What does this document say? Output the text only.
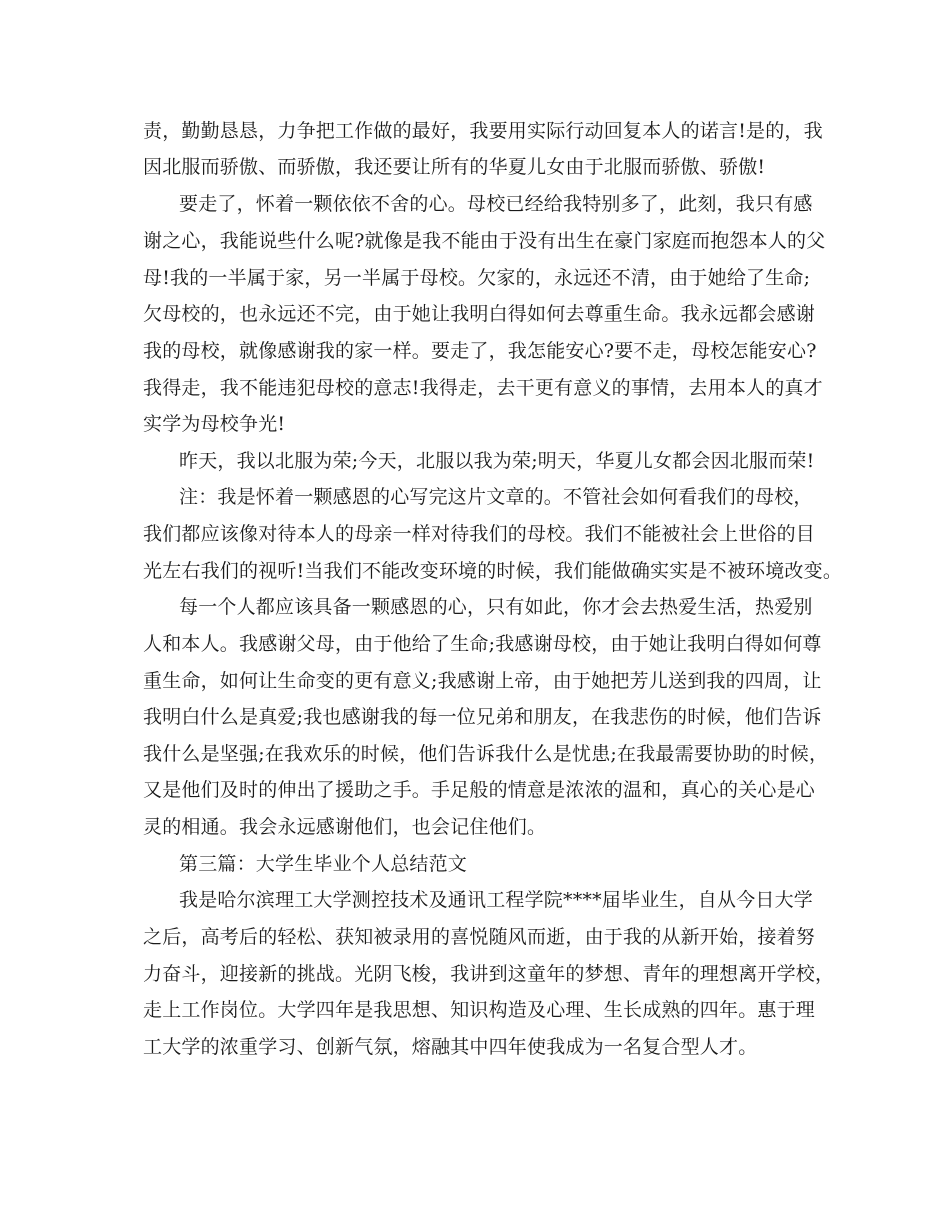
责，勤勤恳恳，力争把工作做的最好，我要用实际行动回复本人的诺言!是的，我
因北服而骄傲、而骄傲，我还要让所有的华夏儿女由于北服而骄傲、骄傲!
要走了，怀着一颗依依不舍的心。母校已经给我特别多了，此刻，我只有感
谢之心，我能说些什么呢?就像是我不能由于没有出生在豪门家庭而抱怨本人的父
母!我的一半属于家，另一半属于母校。欠家的，永远还不清，由于她给了生命;
欠母校的，也永远还不完，由于她让我明白得如何去尊重生命。我永远都会感谢
我的母校，就像感谢我的家一样。要走了，我怎能安心?要不走，母校怎能安心?
我得走，我不能违犯母校的意志!我得走，去干更有意义的事情，去用本人的真才
实学为母校争光!
昨天，我以北服为荣;今天，北服以我为荣;明天，华夏儿女都会因北服而荣!
注：我是怀着一颗感恩的心写完这片文章的。不管社会如何看我们的母校，
我们都应该像对待本人的母亲一样对待我们的母校。我们不能被社会上世俗的目
光左右我们的视听!当我们不能改变环境的时候，我们能做确实实是不被环境改变。
每一个人都应该具备一颗感恩的心，只有如此，你才会去热爱生活，热爱别
人和本人。我感谢父母，由于他给了生命;我感谢母校，由于她让我明白得如何尊
重生命，如何让生命变的更有意义;我感谢上帝，由于她把芳儿送到我的四周，让
我明白什么是真爱;我也感谢我的每一位兄弟和朋友，在我悲伤的时候，他们告诉
我什么是坚强;在我欢乐的时候，他们告诉我什么是忧患;在我最需要协助的时候，
又是他们及时的伸出了援助之手。手足般的情意是浓浓的温和，真心的关心是心
灵的相通。我会永远感谢他们，也会记住他们。
第三篇：大学生毕业个人总结范文
我是哈尔滨理工大学测控技术及通讯工程学院****届毕业生，自从今日大学
之后，高考后的轻松、获知被录用的喜悦随风而逝，由于我的从新开始，接着努
力奋斗，迎接新的挑战。光阴飞梭，我讲到这童年的梦想、青年的理想离开学校，
走上工作岗位。大学四年是我思想、知识构造及心理、生长成熟的四年。惠于理
工大学的浓重学习、创新气氛，熔融其中四年使我成为一名复合型人才。
